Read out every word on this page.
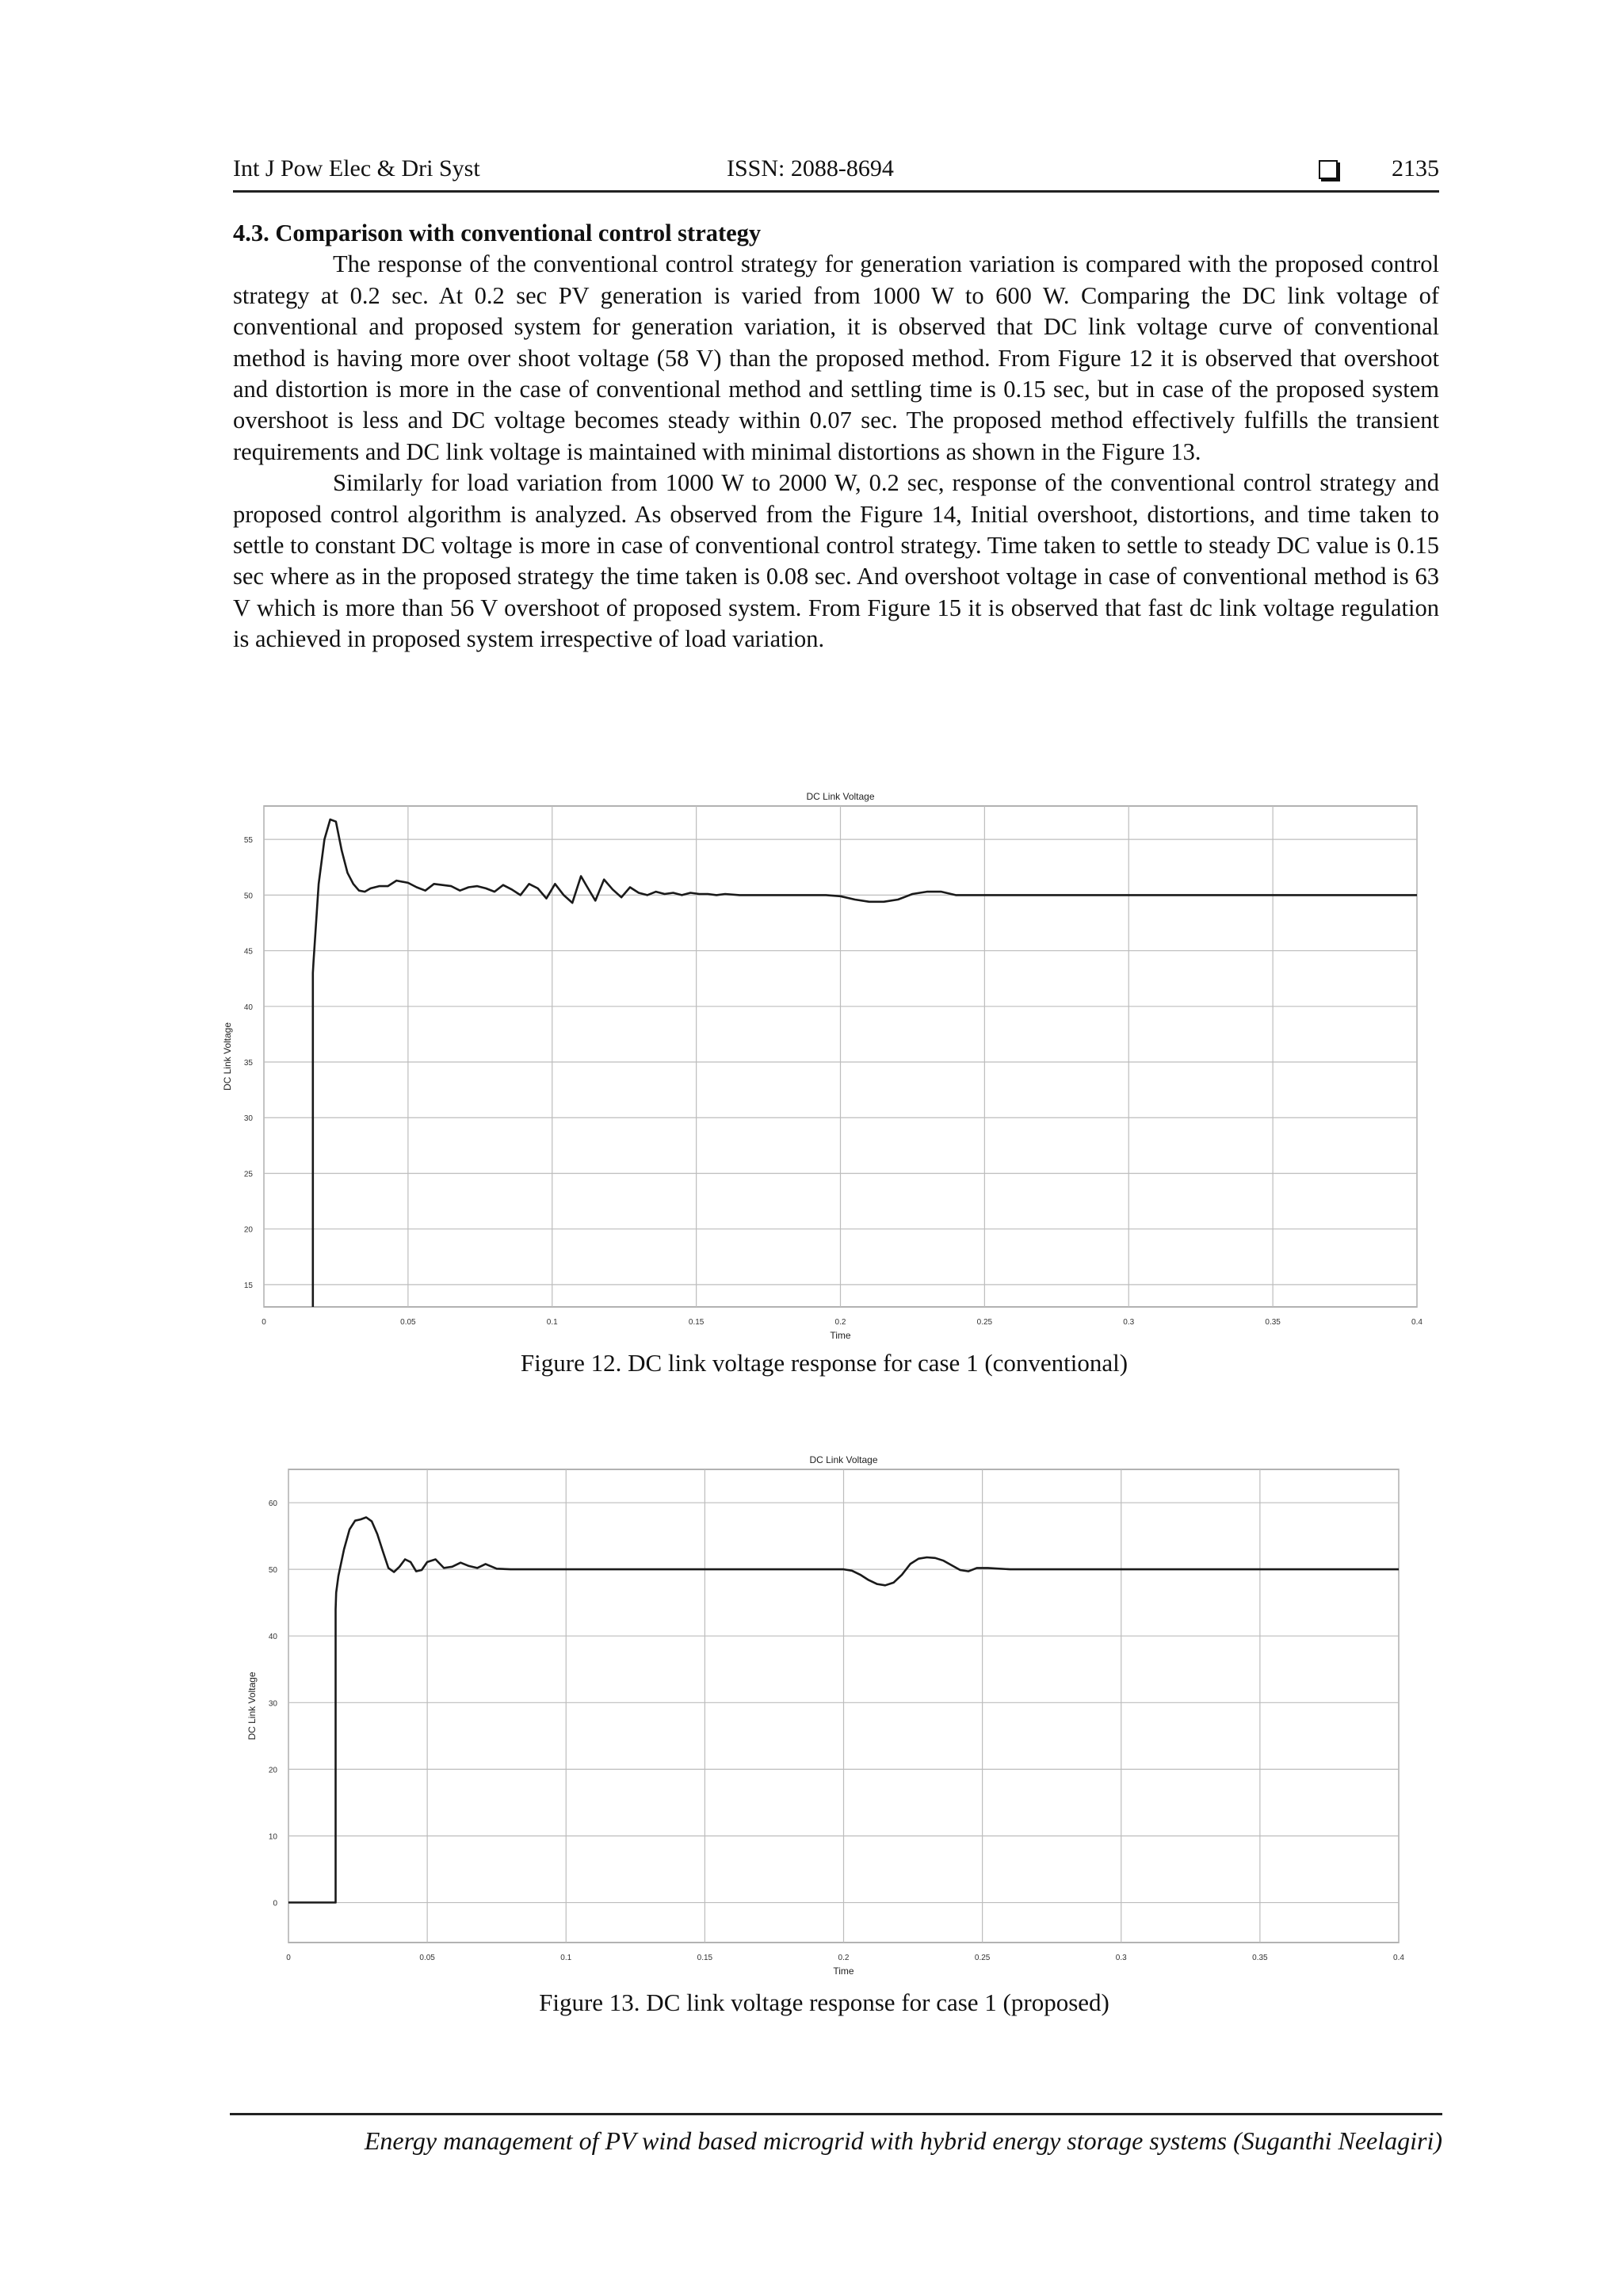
Int J Pow Elec & Dri Syst	ISSN: 2088-8694	2135

4.3. Comparison with conventional control strategy

The response of the conventional control strategy for generation variation is compared with the proposed control strategy at 0.2 sec. At 0.2 sec PV generation is varied from 1000 W to 600 W. Comparing the DC link voltage of conventional and proposed system for generation variation, it is observed that DC link voltage curve of conventional method is having more over shoot voltage (58 V) than the proposed method. From Figure 12 it is observed that overshoot and distortion is more in the case of conventional method and settling time is 0.15 sec, but in case of the proposed system overshoot is less and DC voltage becomes steady within 0.07 sec. The proposed method effectively fulfills the transient requirements and DC link voltage is maintained with minimal distortions as shown in the Figure 13.

Similarly for load variation from 1000 W to 2000 W, 0.2 sec, response of the conventional control strategy and proposed control algorithm is analyzed. As observed from the Figure 14, Initial overshoot, distortions, and time taken to settle to constant DC voltage is more in case of conventional control strategy. Time taken to settle to steady DC value is 0.15 sec where as in the proposed strategy the time taken is 0.08 sec. And overshoot voltage in case of conventional method is 63 V which is more than 56 V overshoot of proposed system. From Figure 15 it is observed that fast dc link voltage regulation is achieved in proposed system irrespective of load variation.

0	0.05	0.1	0.15	0.2	0.25	0.3	0.35	0.4
15
20
25
30
35
40
45
50
55
DC Link Voltage
Time
DC Link Voltage
Figure 12. DC link voltage response for case 1 (conventional)
0	0.05	0.1	0.15	0.2	0.25	0.3	0.35	0.4
0
10
20
30
40
50
60
DC Link Voltage
Time
DC Link Voltage
Figure 13. DC link voltage response for case 1 (proposed)
Energy management of PV wind based microgrid with hybrid energy storage systems (Suganthi Neelagiri)
